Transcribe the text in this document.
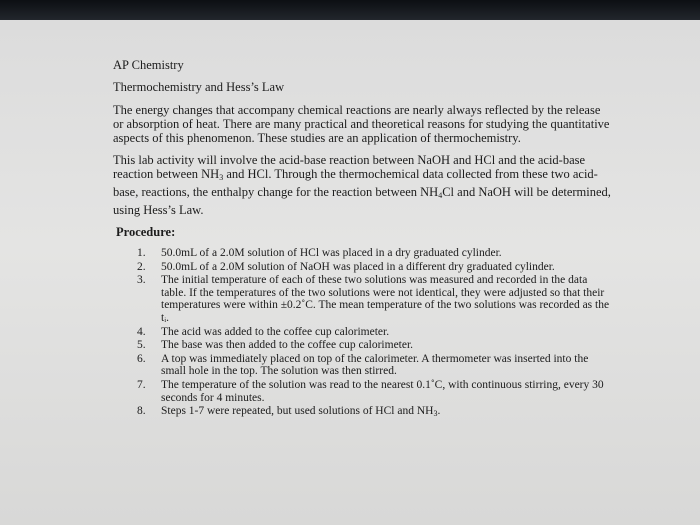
AP Chemistry

Thermochemistry and Hess’s Law

The energy changes that accompany chemical reactions are nearly always reflected by the release or absorption of heat. There are many practical and theoretical reasons for studying the quantitative aspects of this phenomenon. These studies are an application of thermochemistry.

This lab activity will involve the acid-base reaction between NaOH and HCl and the acid-base reaction between $NH_3$ and HCl. Through the thermochemical data collected from these two acid-base, reactions, the enthalpy change for the reaction between $NH_4Cl$ and NaOH will be determined, using Hess’s Law.

Procedure:

1. 50.0mL of a 2.0M solution of HCl was placed in a dry graduated cylinder.
2. 50.0mL of a 2.0M solution of NaOH was placed in a different dry graduated cylinder.
3. The initial temperature of each of these two solutions was measured and recorded in the data table. If the temperatures of the two solutions were not identical, they were adjusted so that their temperatures were within ±0.2˚C. The mean temperature of the two solutions was recorded as the tᵢ.
4. The acid was added to the coffee cup calorimeter.
5. The base was then added to the coffee cup calorimeter.
6. A top was immediately placed on top of the calorimeter. A thermometer was inserted into the small hole in the top. The solution was then stirred.
7. The temperature of the solution was read to the nearest 0.1˚C, with continuous stirring, every 30 seconds for 4 minutes.
8. Steps 1-7 were repeated, but used solutions of HCl and $NH_3$.
